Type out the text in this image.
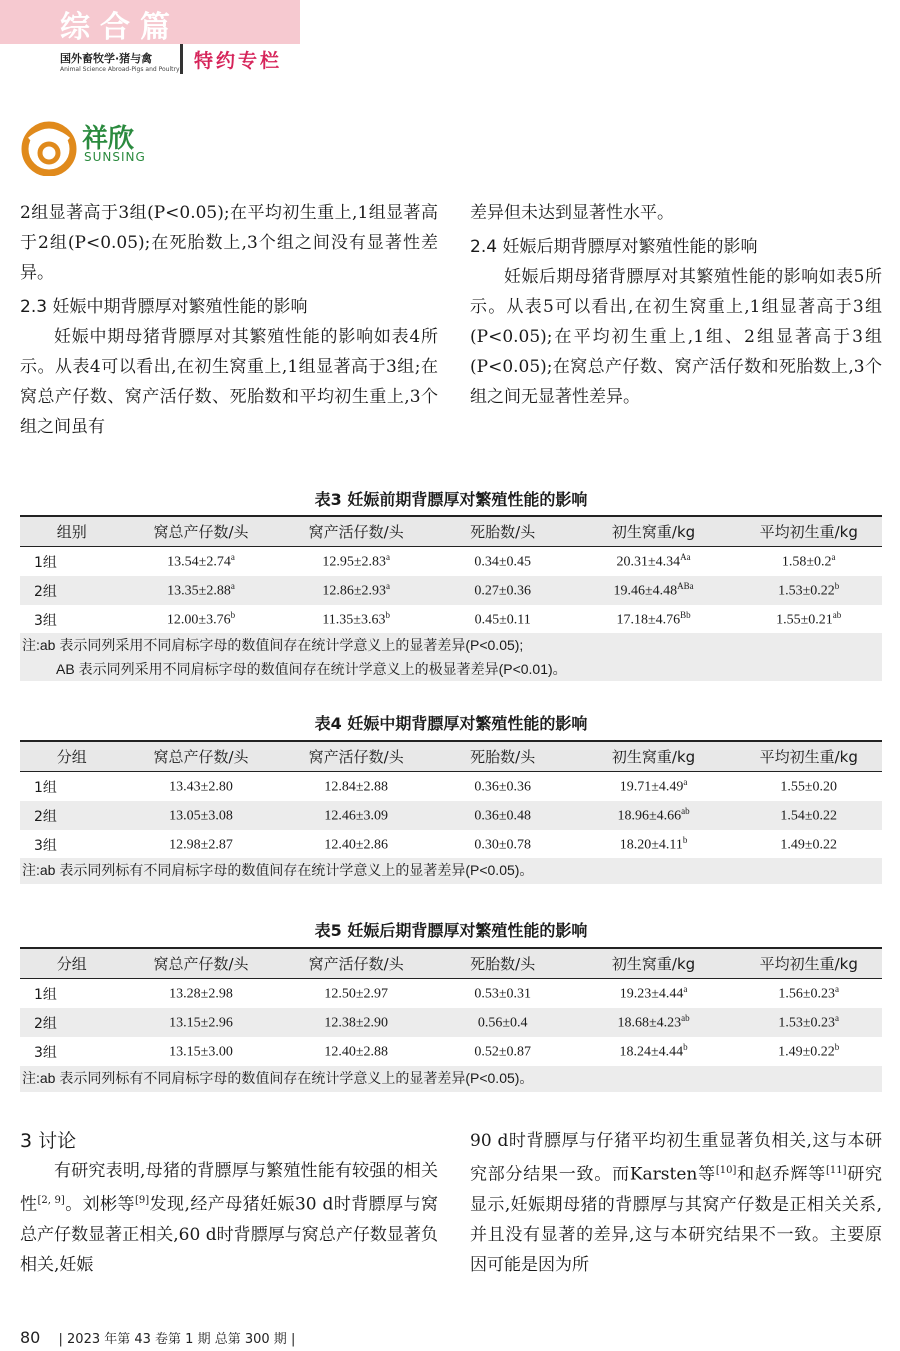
综合篇
国外畜牧学·猪与禽
Animal Science Abroad-Pigs and Poultry 特约专栏
祥欣
SUNSING

2组显著高于3组(P<0.05);在平均初生重上,1组显著高于2组(P<0.05);在死胎数上,3个组之间没有显著性差异。

2.3 妊娠中期背膘厚对繁殖性能的影响

妊娠中期母猪背膘厚对其繁殖性能的影响如表4所示。从表4可以看出,在初生窝重上,1组显著高于3组;在窝总产仔数、窝产活仔数、死胎数和平均初生重上,3个组之间虽有

差异但未达到显著性水平。

2.4 妊娠后期背膘厚对繁殖性能的影响

妊娠后期母猪背膘厚对其繁殖性能的影响如表5所示。从表5可以看出,在初生窝重上,1组显著高于3组(P<0.05);在平均初生重上,1组、2组显著高于3组(P<0.05);在窝总产仔数、窝产活仔数和死胎数上,3个组之间无显著性差异。

表3 妊娠前期背膘厚对繁殖性能的影响
组别	窝总产仔数/头	窝产活仔数/头	死胎数/头	初生窝重/kg	平均初生重/kg
1组	13.54±2.74$^a$	12.95±2.83$^a$	0.34±0.45	$20.31\pm 4.34^{Aa}$	1.58±0.2$^a$
2组	13.35±2.88$^a$	12.86±2.93$^a$	0.27±0.36	$19.46\pm 4.48^{ABa}$	1.53±0.22$^b$
3组	12.00±3.76$^b$	11.35±3.63$^b$	0.45±0.11	$17.18\pm 4.76^{Bb}$	1.55±0.21$^{ab}$
注:ab 表示同列采用不同肩标字母的数值间存在统计学意义上的显著差异(P<0.05);
AB 表示同列采用不同肩标字母的数值间存在统计学意义上的极显著差异(P<0.01)。
表4 妊娠中期背膘厚对繁殖性能的影响
分组	窝总产仔数/头	窝产活仔数/头	死胎数/头	初生窝重/kg	平均初生重/kg
1组	13.43±2.80	12.84±2.88	0.36±0.36	19.71±4.49$^a$	1.55±0.20
2组	13.05±3.08	12.46±3.09	0.36±0.48	18.96±4.66$^{ab}$	1.54±0.22
3组	12.98±2.87	12.40±2.86	0.30±0.78	18.20±4.11$^b$	1.49±0.22
注:ab 表示同列标有不同肩标字母的数值间存在统计学意义上的显著差异(P<0.05)。
表5 妊娠后期背膘厚对繁殖性能的影响
分组	窝总产仔数/头	窝产活仔数/头	死胎数/头	初生窝重/kg	平均初生重/kg
1组	13.28±2.98	12.50±2.97	0.53±0.31	19.23±4.44$^a$	1.56±0.23$^a$
2组	13.15±2.96	12.38±2.90	0.56±0.4	18.68±4.23$^{ab}$	1.53±0.23$^a$
3组	13.15±3.00	12.40±2.88	0.52±0.87	18.24±4.44$^b$	1.49±0.22$^b$
注:ab 表示同列标有不同肩标字母的数值间存在统计学意义上的显著差异(P<0.05)。
3 讨论

有研究表明,母猪的背膘厚与繁殖性能有较强的相关性[2, 9]。刘彬等[9]发现,经产母猪妊娠30 d时背膘厚与窝总产仔数显著正相关,60 d时背膘厚与窝总产仔数显著负相关,妊娠

90 d时背膘厚与仔猪平均初生重显著负相关,这与本研究部分结果一致。而Karsten等[10]和赵乔辉等[11]研究显示,妊娠期母猪的背膘厚与其窝产仔数是正相关关系,并且没有显著的差异,这与本研究结果不一致。主要原因可能是因为所

80 | 2023 年第 43 卷第 1 期 总第 300 期 |
